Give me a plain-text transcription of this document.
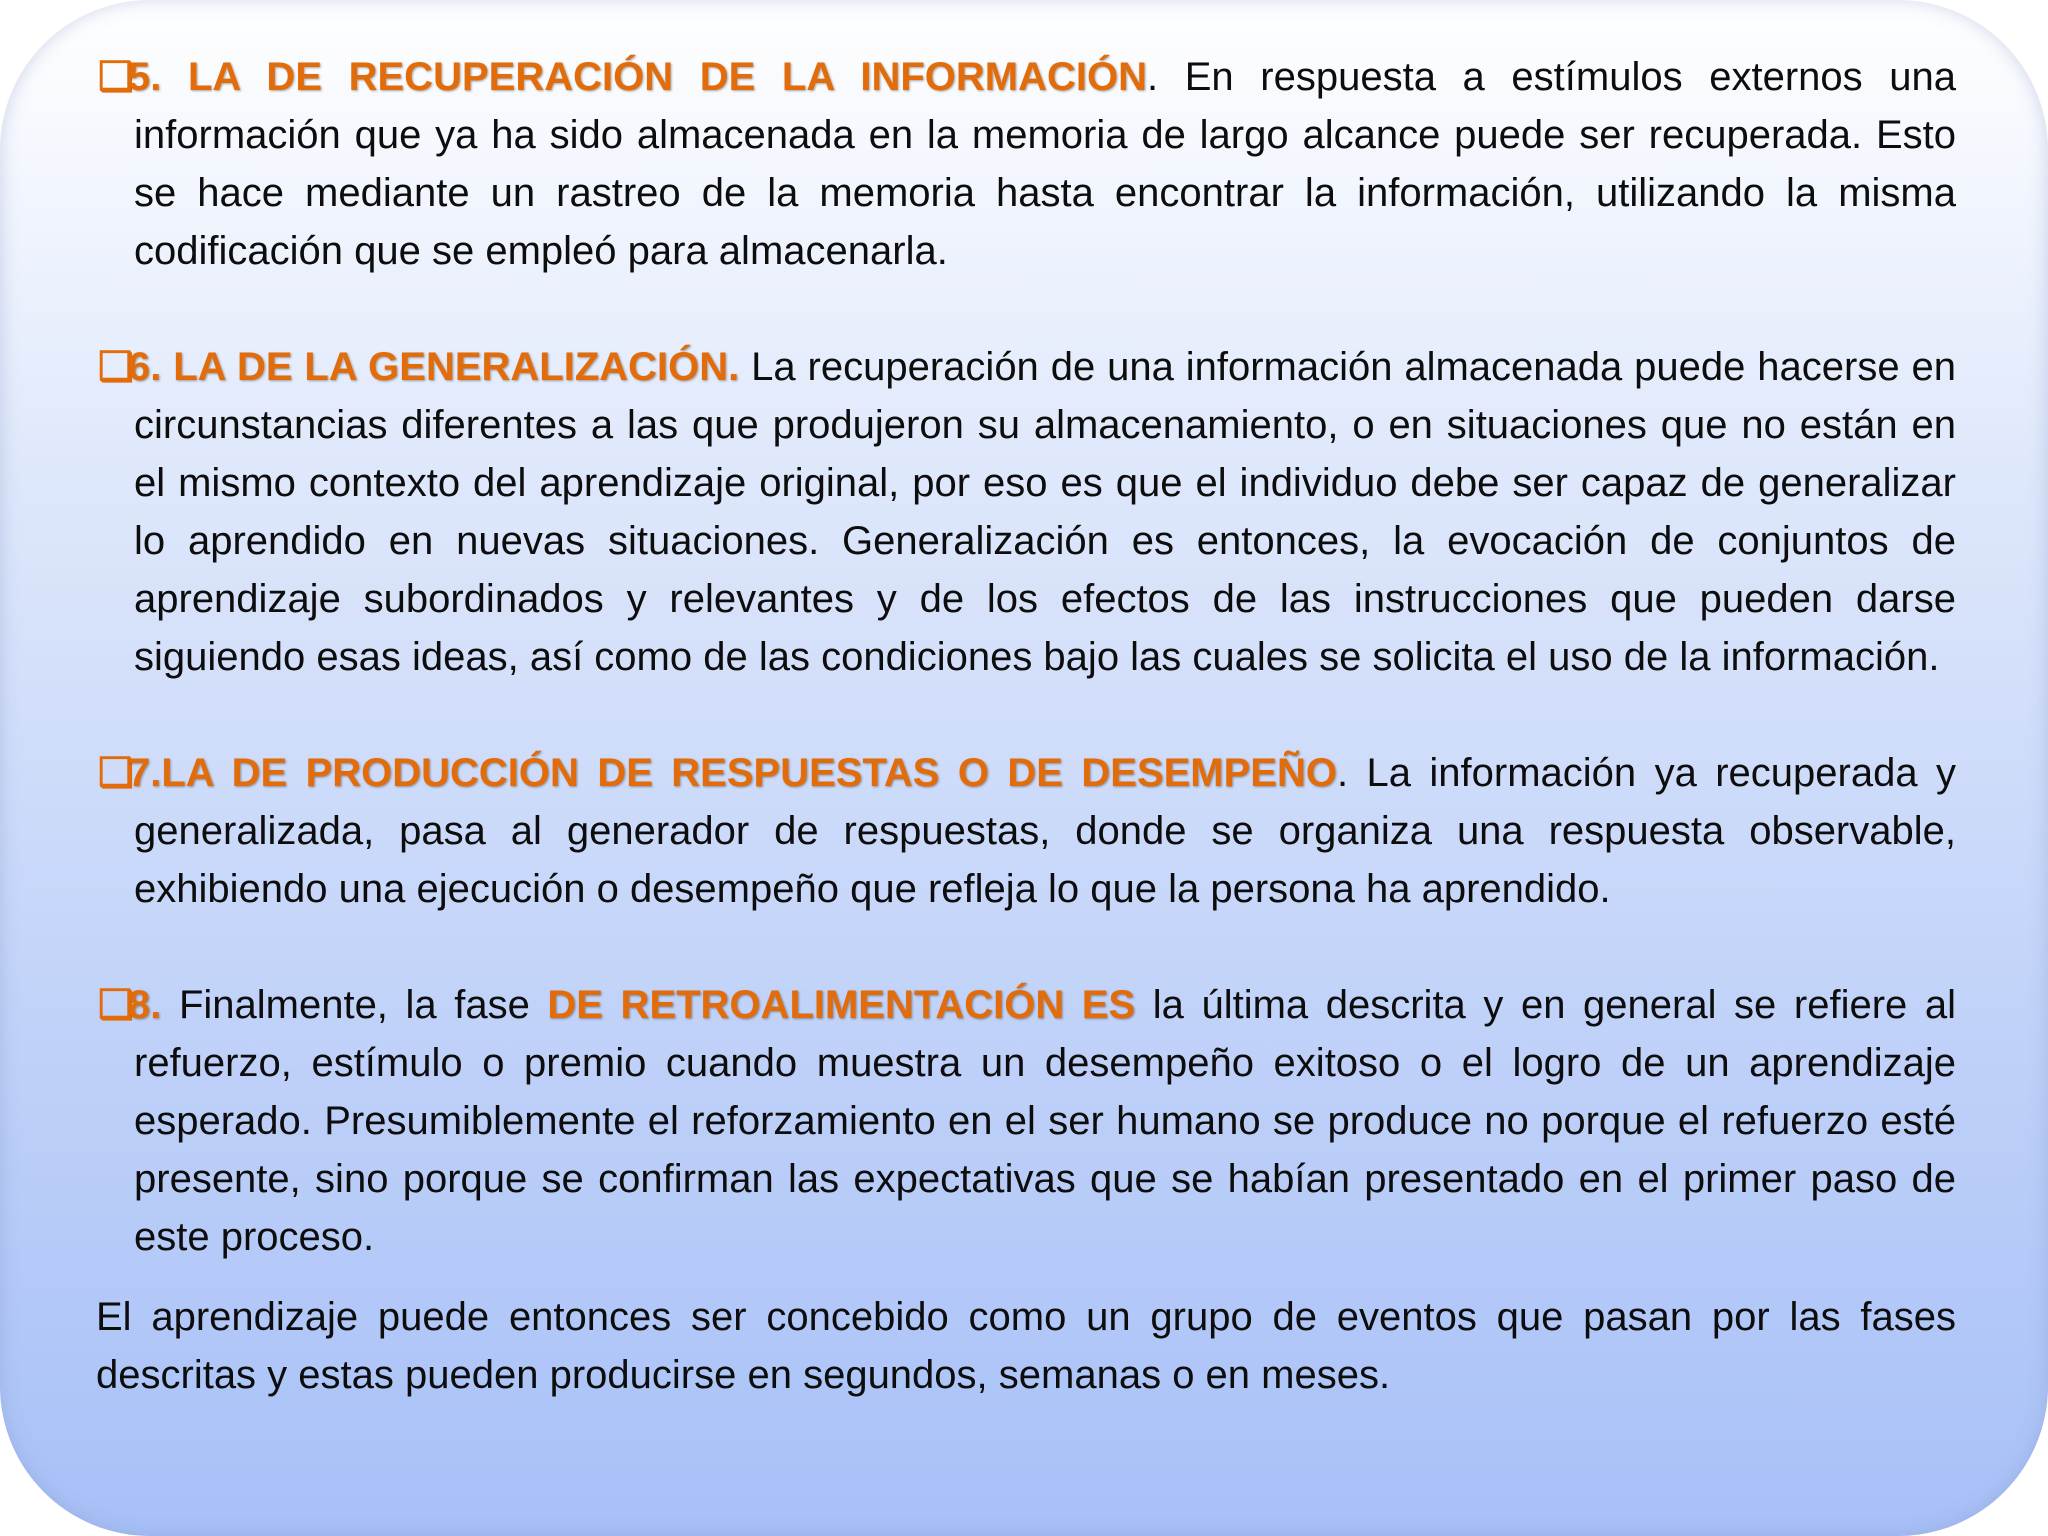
❑5. LA DE RECUPERACIÓN DE LA INFORMACIÓN. En respuesta a estímulos externos una información que ya ha sido almacenada en la memoria de largo alcance puede ser recuperada. Esto se hace mediante un rastreo de la memoria hasta encontrar la información, utilizando la misma codificación que se empleó para almacenarla.

❑6. LA DE LA GENERALIZACIÓN. La recuperación de una información almacenada puede hacerse en circunstancias diferentes a las que produjeron su almacenamiento, o en situaciones que no están en el mismo contexto del aprendizaje original, por eso es que el individuo debe ser capaz de generalizar lo aprendido en nuevas situaciones. Generalización es entonces, la evocación de conjuntos de aprendizaje subordinados y relevantes y de los efectos de las instrucciones que pueden darse siguiendo esas ideas, así como de las condiciones bajo las cuales se solicita el uso de la información.

❑7.LA DE PRODUCCIÓN DE RESPUESTAS O DE DESEMPEÑO. La información ya recuperada y generalizada, pasa al generador de respuestas, donde se organiza una respuesta observable, exhibiendo una ejecución o desempeño que refleja lo que la persona ha aprendido.

❑8. Finalmente, la fase DE RETROALIMENTACIÓN ES la última descrita y en general se refiere al refuerzo, estímulo o premio cuando muestra un desempeño exitoso o el logro de un aprendizaje esperado. Presumiblemente el reforzamiento en el ser humano se produce no porque el refuerzo esté presente, sino porque se confirman las expectativas que se habían presentado en el primer paso de este proceso.

El aprendizaje puede entonces ser concebido como un grupo de eventos que pasan por las fases descritas y estas pueden producirse en segundos, semanas o en meses.
